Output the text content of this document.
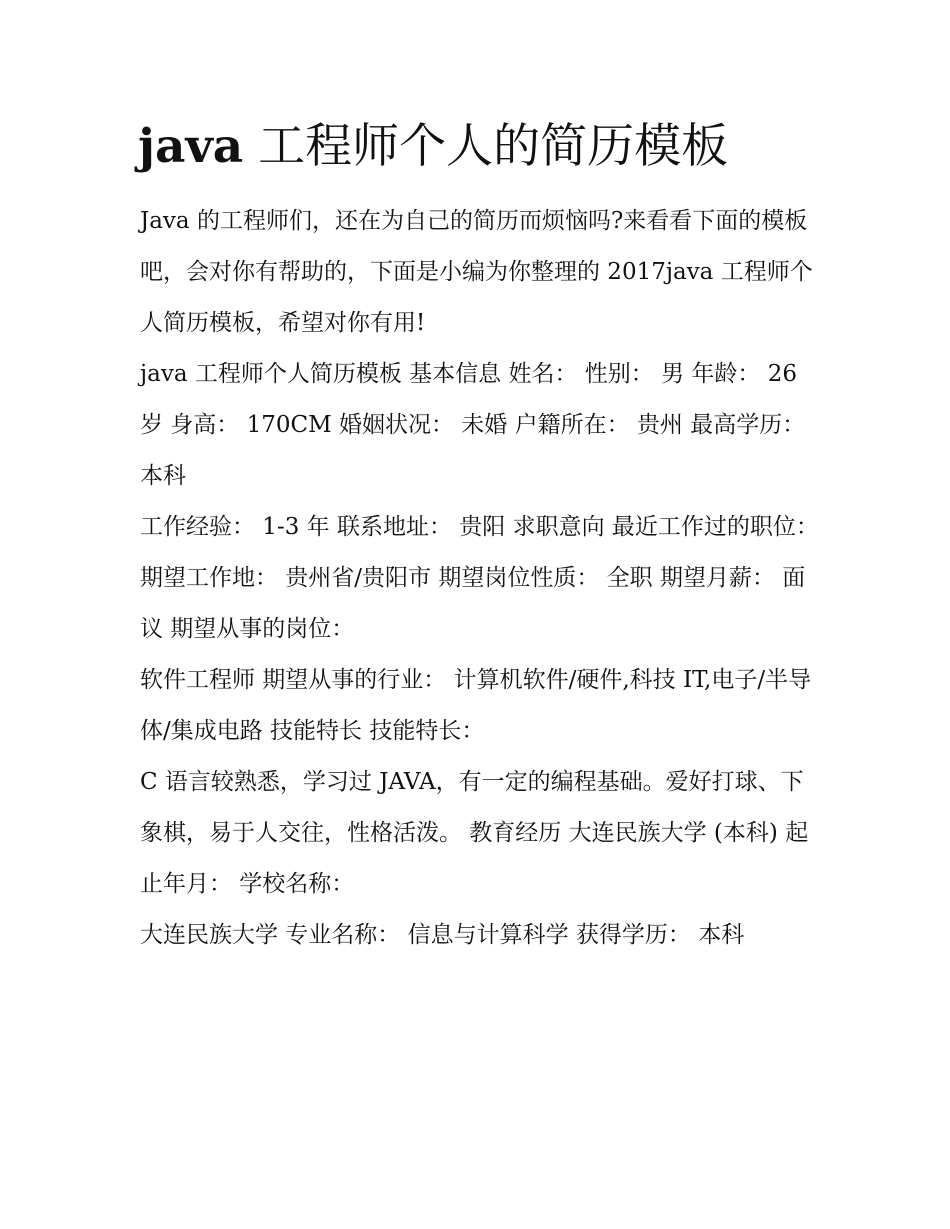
java 工程师个人的简历模板

Java 的工程师们，还在为自己的简历而烦恼吗?来看看下面的模板吧，会对你有帮助的，下面是小编为你整理的 2017java 工程师个人简历模板，希望对你有用!

java 工程师个人简历模板 基本信息 姓名： 性别： 男 年龄： 26 岁 身高： 170CM 婚姻状况： 未婚 户籍所在： 贵州 最高学历： 本科

工作经验： 1-3 年 联系地址： 贵阳 求职意向 最近工作过的职位： 期望工作地： 贵州省/贵阳市 期望岗位性质： 全职 期望月薪： 面议 期望从事的岗位：

软件工程师 期望从事的行业： 计算机软件/硬件,科技 IT,电子/半导体/集成电路 技能特长 技能特长：

C 语言较熟悉，学习过 JAVA，有一定的编程基础。爱好打球、下象棋，易于人交往，性格活泼。 教育经历 大连民族大学 (本科) 起止年月： 学校名称：

大连民族大学 专业名称： 信息与计算科学 获得学历： 本科
